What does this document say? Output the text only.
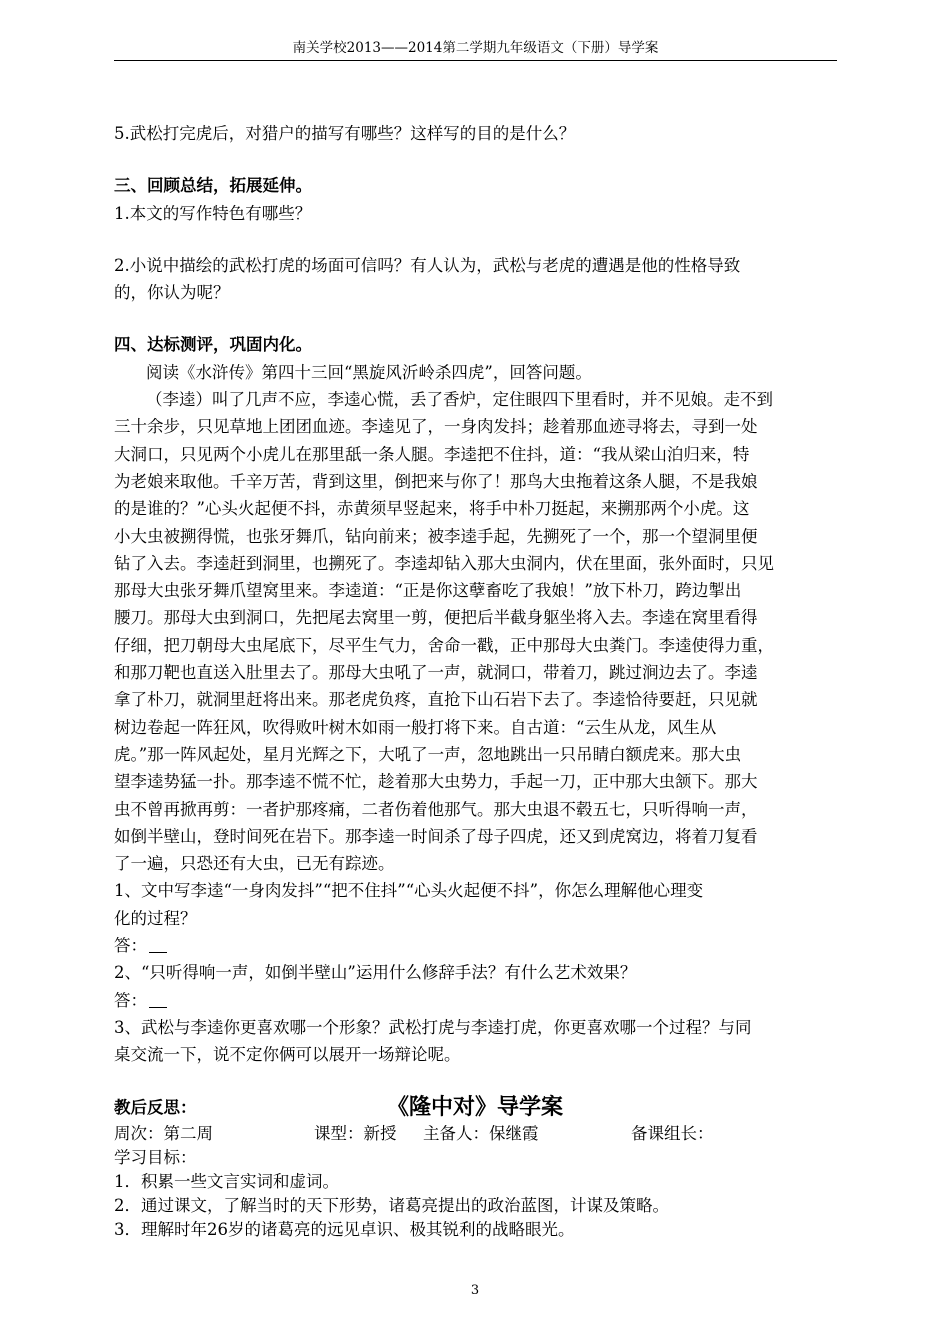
南关学校2013——2014第二学期九年级语文（下册）导学案
5.武松打完虎后，对猎户的描写有哪些？这样写的目的是什么？
三、回顾总结，拓展延伸。
1.本文的写作特色有哪些？
2.小说中描绘的武松打虎的场面可信吗？有人认为，武松与老虎的遭遇是他的性格导致
的，你认为呢？
四、达标测评，巩固内化。
阅读《水浒传》第四十三回“黑旋风沂岭杀四虎”，回答问题。
（李逵）叫了几声不应，李逵心慌，丢了香炉，定住眼四下里看时，并不见娘。走不到
三十余步，只见草地上团团血迹。李逵见了，一身肉发抖；趁着那血迹寻将去，寻到一处
大洞口，只见两个小虎儿在那里舐一条人腿。李逵把不住抖，道：“我从梁山泊归来，特
为老娘来取他。千辛万苦，背到这里，倒把来与你了！那鸟大虫拖着这条人腿，不是我娘
的是谁的？”心头火起便不抖，赤黄须早竖起来，将手中朴刀挺起，来搠那两个小虎。这
小大虫被搠得慌，也张牙舞爪，钻向前来；被李逵手起，先搠死了一个，那一个望洞里便
钻了入去。李逵赶到洞里，也搠死了。李逵却钻入那大虫洞内，伏在里面，张外面时，只见
那母大虫张牙舞爪望窝里来。李逵道：“正是你这孽畜吃了我娘！”放下朴刀，跨边掣出
腰刀。那母大虫到洞口，先把尾去窝里一剪，便把后半截身躯坐将入去。李逵在窝里看得
仔细，把刀朝母大虫尾底下，尽平生气力，舍命一戳，正中那母大虫粪门。李逵使得力重，
和那刀靶也直送入肚里去了。那母大虫吼了一声，就洞口，带着刀，跳过涧边去了。李逵
拿了朴刀，就洞里赶将出来。那老虎负疼，直抢下山石岩下去了。李逵恰待要赶，只见就
树边卷起一阵狂风，吹得败叶树木如雨一般打将下来。自古道：“云生从龙，风生从
虎。”那一阵风起处，星月光辉之下，大吼了一声，忽地跳出一只吊睛白额虎来。那大虫
望李逵势猛一扑。那李逵不慌不忙，趁着那大虫势力，手起一刀，正中那大虫颔下。那大
虫不曾再掀再剪：一者护那疼痛，二者伤着他那气。那大虫退不毂五七，只听得响一声，
如倒半壁山，登时间死在岩下。那李逵一时间杀了母子四虎，还又到虎窝边，将着刀复看
了一遍，只恐还有大虫，已无有踪迹。
1、文中写李逵“一身肉发抖”“把不住抖”“心头火起便不抖”，你怎么理解他心理变
化的过程？
答：
2、“只听得响一声，如倒半壁山”运用什么修辞手法？有什么艺术效果？
答：
3、武松与李逵你更喜欢哪一个形象？武松打虎与李逵打虎，你更喜欢哪一个过程？与同
桌交流一下，说不定你俩可以展开一场辩论呢。
教后反思：	《隆中对》导学案
周次：第二周	课型：新授	主备人：保继霞	备课组长：
学习目标：
1．积累一些文言实词和虚词。
2．通过课文，了解当时的天下形势，诸葛亮提出的政治蓝图，计谋及策略。
3．理解时年26岁的诸葛亮的远见卓识、极其锐利的战略眼光。
3
